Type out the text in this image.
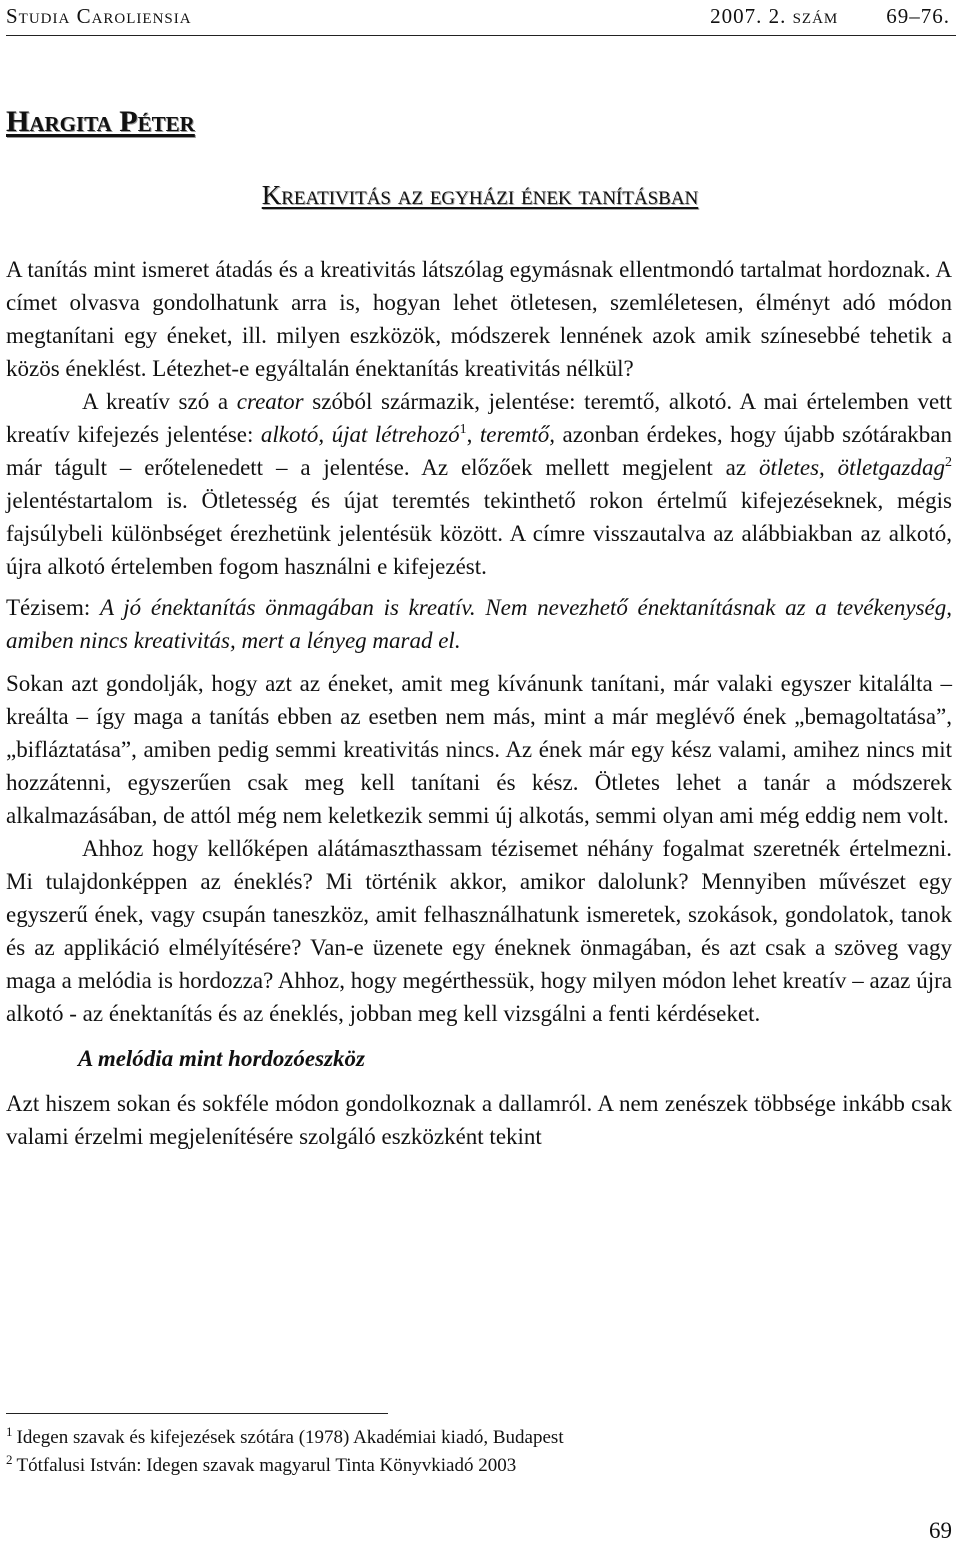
Studia Caroliensia	2007. 2. szám 69–76.
Hargita Péter
Kreativitás az egyházi ének tanításban

A tanítás mint ismeret átadás és a kreativitás látszólag egymásnak ellentmondó tartalmat hordoznak. A címet olvasva gondolhatunk arra is, hogyan lehet ötletesen, szemléletesen, élményt adó módon megtanítani egy éneket, ill. milyen eszközök, módszerek lennének azok amik színesebbé tehetik a közös éneklést. Létezhet-e egyáltalán énektanítás kreativitás nélkül?

A kreatív szó a creator szóból származik, jelentése: teremtő, alkotó. A mai értelemben vett kreatív kifejezés jelentése: alkotó, újat létrehozó$^1$, teremtő, azonban érdekes, hogy újabb szótárakban már tágult – erőtelenedett – a jelentése. Az előzőek mellett megjelent az ötletes, ötletgazdag$^2$ jelentéstartalom is. Ötletesség és újat teremtés tekinthető rokon értelmű kifejezéseknek, mégis fajsúlybeli különbséget érezhetünk jelentésük között. A címre visszautalva az alábbiakban az alkotó, újra alkotó értelemben fogom használni e kifejezést.

Tézisem: A jó énektanítás önmagában is kreatív. Nem nevezhető énektanításnak az a tevékenység, amiben nincs kreativitás, mert a lényeg marad el.

Sokan azt gondolják, hogy azt az éneket, amit meg kívánunk tanítani, már valaki egyszer kitalálta – kreálta – így maga a tanítás ebben az esetben nem más, mint a már meglévő ének „bemagoltatása”, „bifláztatása”, amiben pedig semmi kreativitás nincs. Az ének már egy kész valami, amihez nincs mit hozzátenni, egyszerűen csak meg kell tanítani és kész. Ötletes lehet a tanár a módszerek alkalmazásában, de attól még nem keletkezik semmi új alkotás, semmi olyan ami még eddig nem volt.

Ahhoz hogy kellőképen alátámaszthassam tézisemet néhány fogalmat szeretnék értelmezni. Mi tulajdonképpen az éneklés? Mi történik akkor, amikor dalolunk? Mennyiben művészet egy egyszerű ének, vagy csupán taneszköz, amit felhasználhatunk ismeretek, szokások, gondolatok, tanok és az applikáció elmélyítésére? Van-e üzenete egy éneknek önmagában, és azt csak a szöveg vagy maga a melódia is hordozza? Ahhoz, hogy megérthessük, hogy milyen módon lehet kreatív – azaz újra alkotó - az énektanítás és az éneklés, jobban meg kell vizsgálni a fenti kérdéseket.

A melódia mint hordozóeszköz

Azt hiszem sokan és sokféle módon gondolkoznak a dallamról. A nem zenészek többsége inkább csak valami érzelmi megjelenítésére szolgáló eszközként tekint

$^1$ Idegen szavak és kifejezések szótára (1978) Akadémiai kiadó, Budapest
$^2$ Tótfalusi István: Idegen szavak magyarul Tinta Könyvkiadó 2003
69
